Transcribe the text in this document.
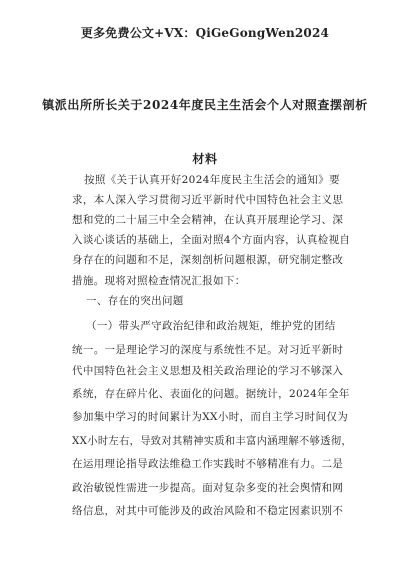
更多免费公文+VX：QiGeGongWen2024
镇派出所所长关于2024年度民主生活会个人对照查摆剖析
材料
按照《关于认真开好2024年度民主生活会的通知》要
求，本人深入学习贯彻习近平新时代中国特色社会主义思
想和党的二十届三中全会精神，在认真开展理论学习、深
入谈心谈话的基础上，全面对照4个方面内容，认真检视自
身存在的问题和不足，深刻剖析问题根源，研究制定整改
措施。现将对照检查情况汇报如下：
一、存在的突出问题
（一）带头严守政治纪律和政治规矩，维护党的团结
统一。一是理论学习的深度与系统性不足。对习近平新时
代中国特色社会主义思想及相关政治理论的学习不够深入
系统，存在碎片化、表面化的问题。据统计，2024年全年
参加集中学习的时间累计为XX小时，而自主学习时间仅为
XX小时左右，导致对其精神实质和丰富内涵理解不够透彻，
在运用理论指导政法维稳工作实践时不够精准有力。二是
政治敏锐性需进一步提高。面对复杂多变的社会舆情和网
络信息，对其中可能涉及的政治风险和不稳定因素识别不
